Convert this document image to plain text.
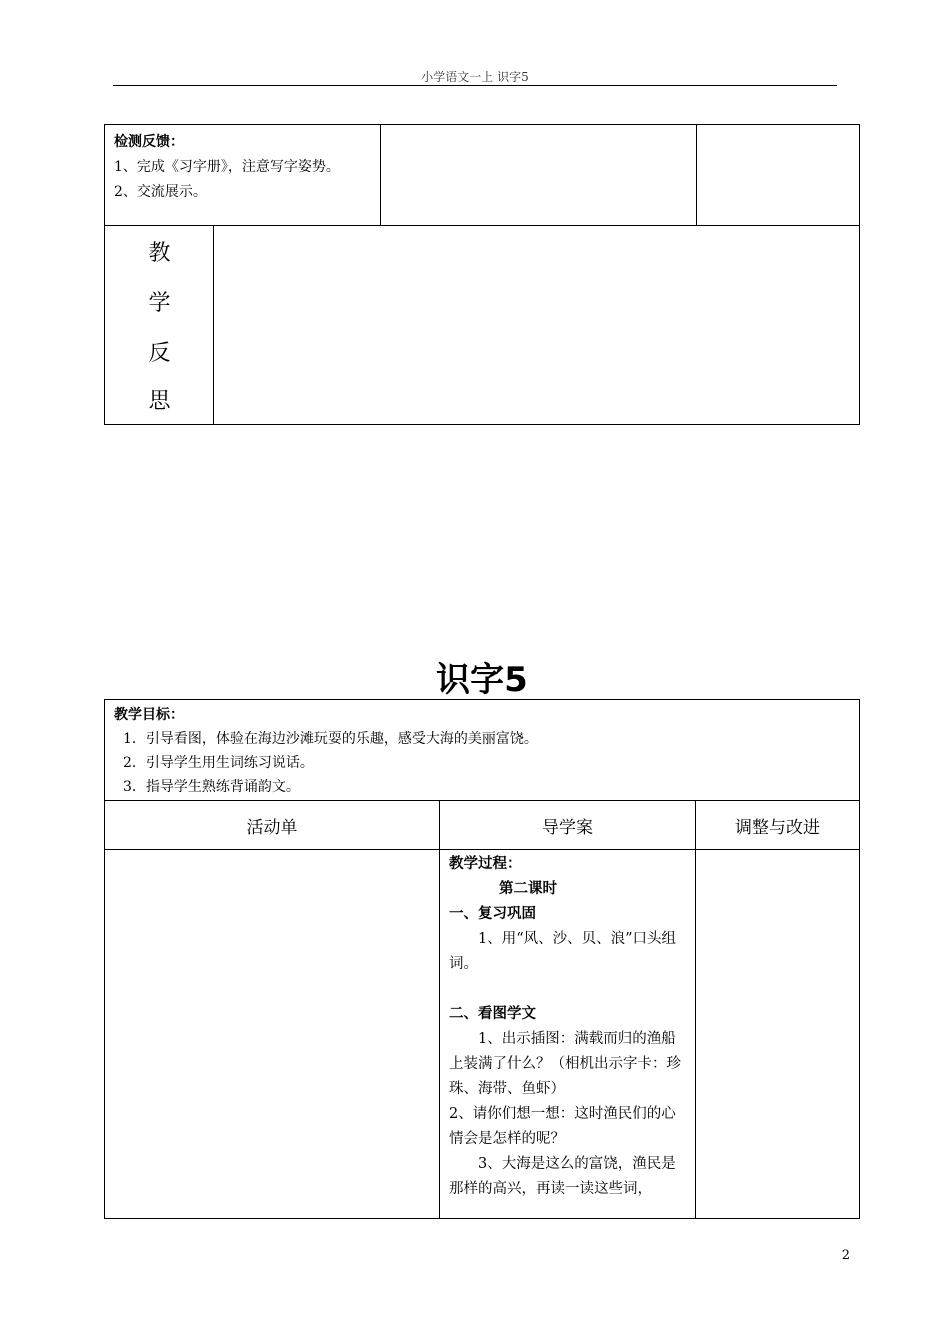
小学语文一上 识字5
检测反馈：
1、完成《习字册》，注意写字姿势。
2、交流展示。
教
学
反
思
识字5
教学目标：
1．引导看图，体验在海边沙滩玩耍的乐趣，感受大海的美丽富饶。
2．引导学生用生词练习说话。
3．指导学生熟练背诵韵文。
活动单	导学案	调整与改进

教学过程：

第二课时

一、复习巩固

1、用“风、沙、贝、浪”口头组词。

二、看图学文

1、出示插图：满载而归的渔船上装满了什么？（相机出示字卡：珍珠、海带、鱼虾）

2、请你们想一想：这时渔民们的心情会是怎样的呢？

3、大海是这么的富饶，渔民是那样的高兴，再读一读这些词，

2
